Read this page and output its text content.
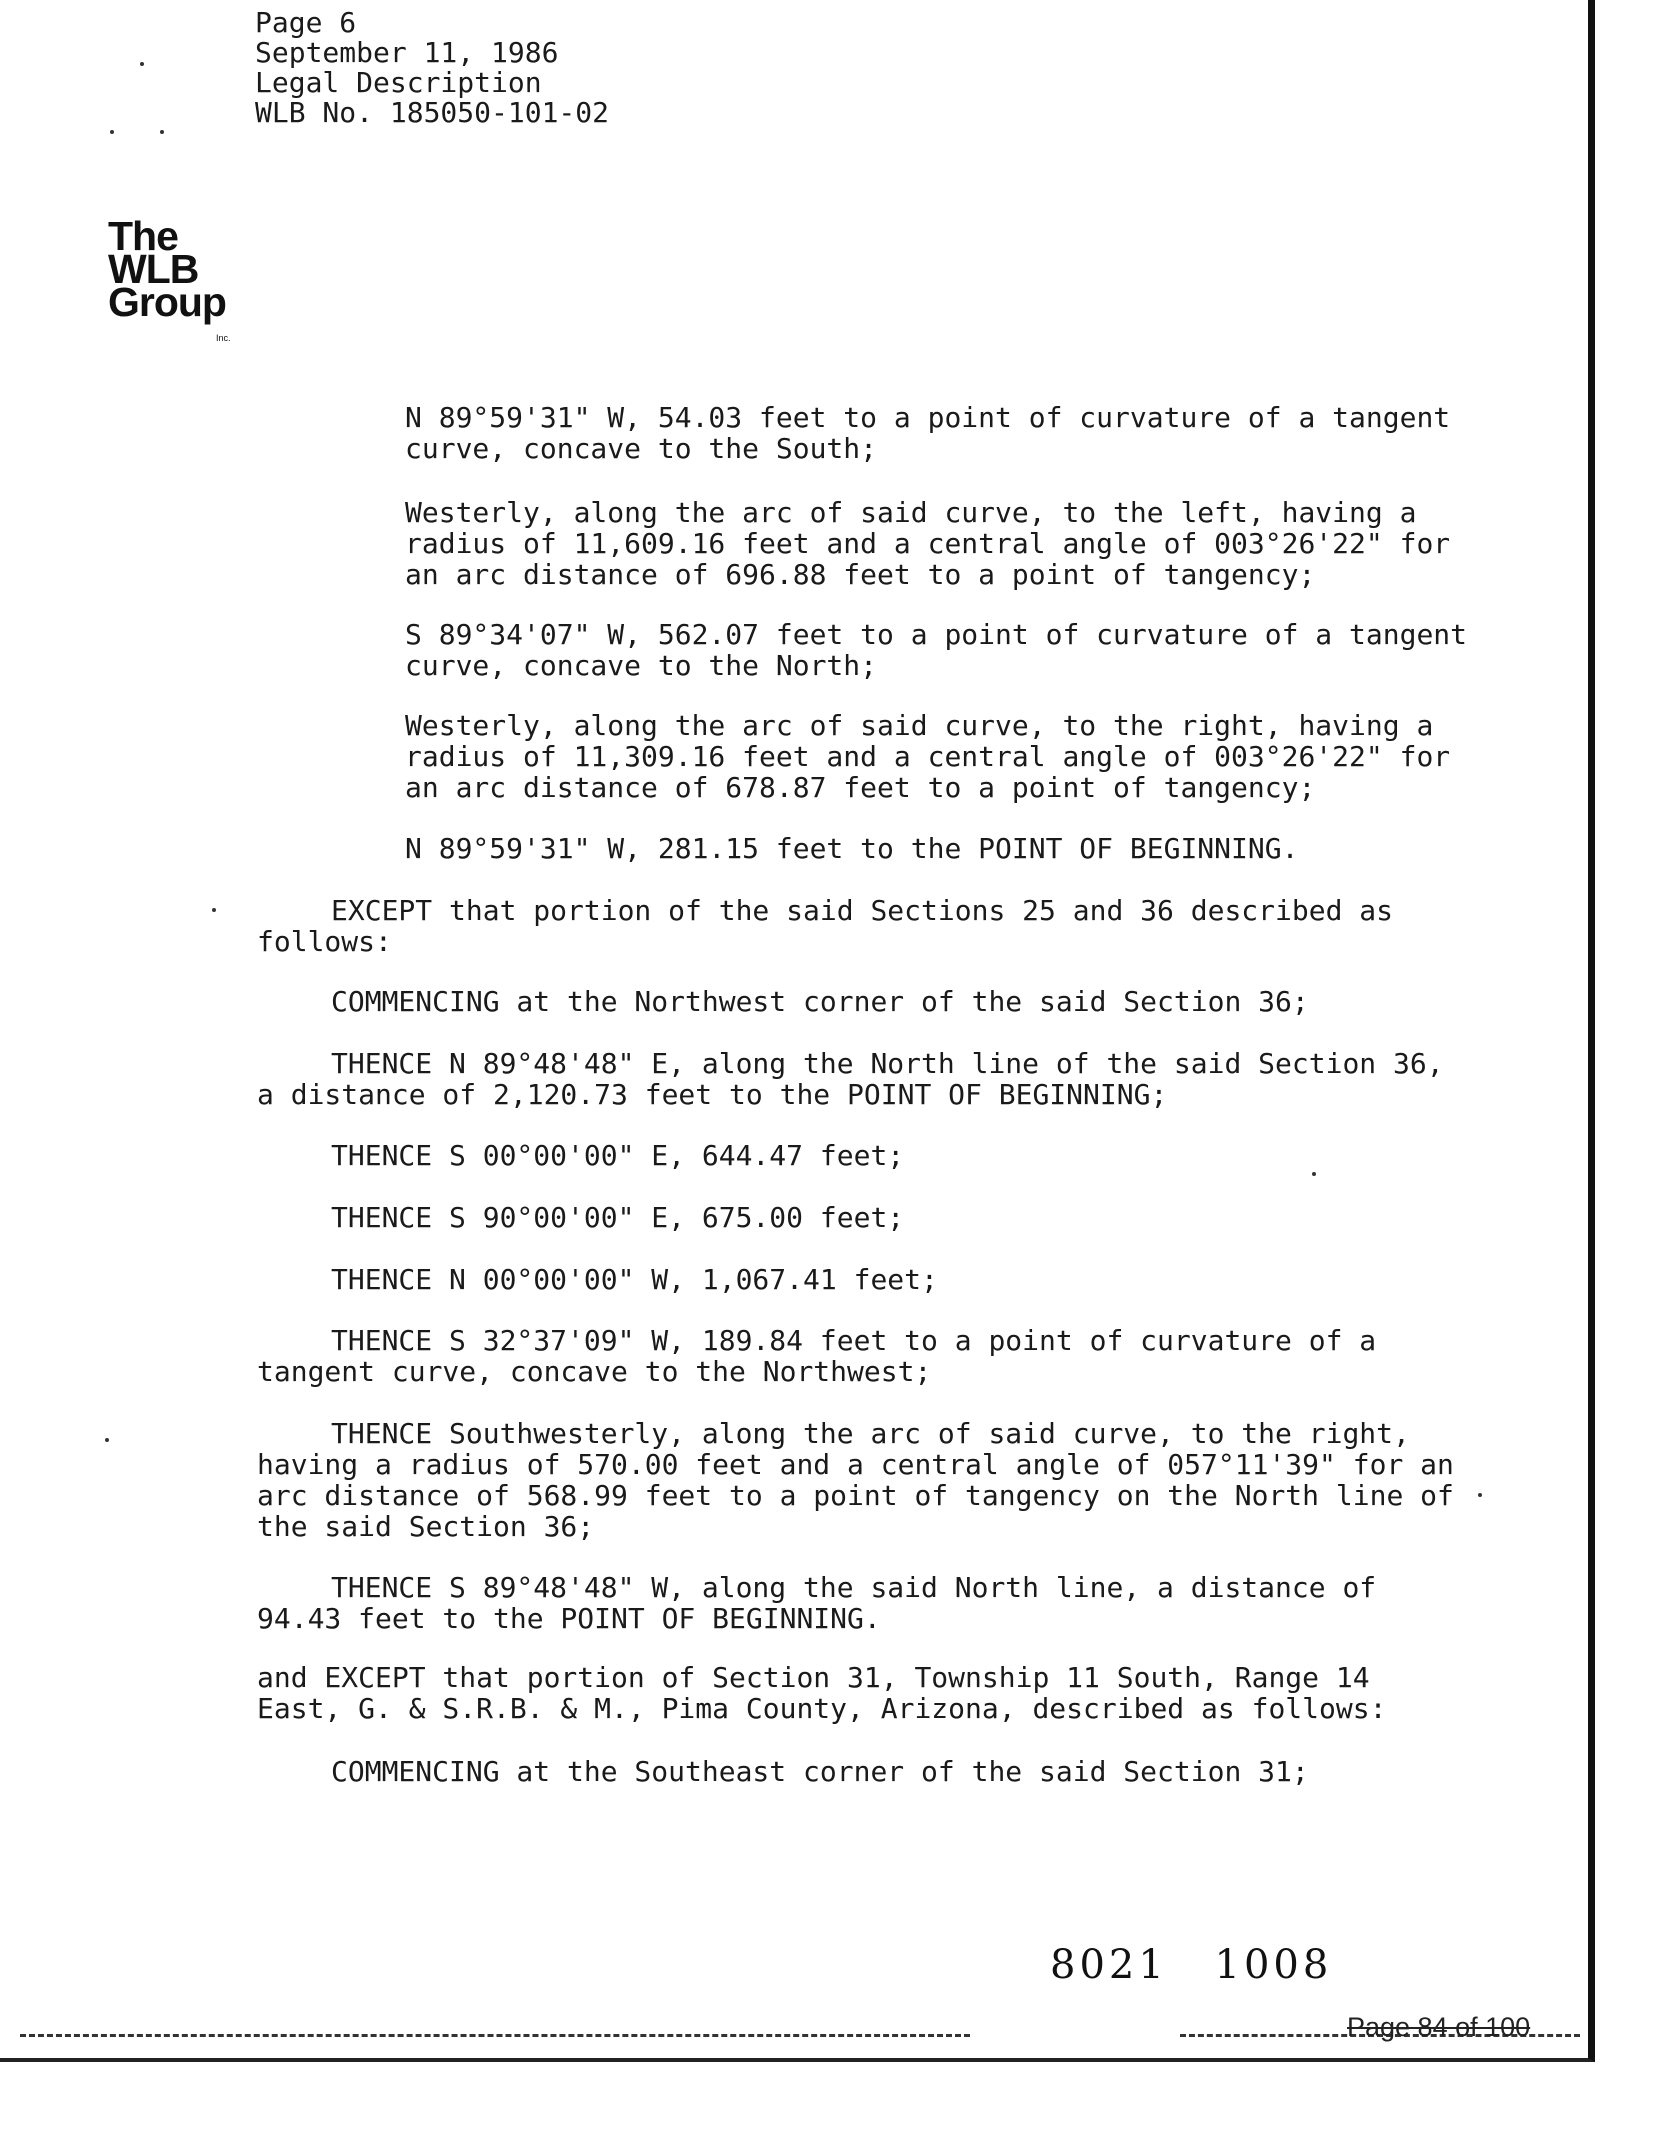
Page 6
September 11, 1986
Legal Description
WLB No. 185050-101-02
The
WLB
Group
Inc.
N 89°59'31" W, 54.03 feet to a point of curvature of a tangent
curve, concave to the South;
Westerly, along the arc of said curve, to the left, having a
radius of 11,609.16 feet and a central angle of 003°26'22" for
an arc distance of 696.88 feet to a point of tangency;
S 89°34'07" W, 562.07 feet to a point of curvature of a tangent
curve, concave to the North;
Westerly, along the arc of said curve, to the right, having a
radius of 11,309.16 feet and a central angle of 003°26'22" for
an arc distance of 678.87 feet to a point of tangency;
N 89°59'31" W, 281.15 feet to the POINT OF BEGINNING.
EXCEPT that portion of the said Sections 25 and 36 described as
follows:
COMMENCING at the Northwest corner of the said Section 36;
THENCE N 89°48'48" E, along the North line of the said Section 36,
a distance of 2,120.73 feet to the POINT OF BEGINNING;
THENCE S 00°00'00" E, 644.47 feet;
THENCE S 90°00'00" E, 675.00 feet;
THENCE N 00°00'00" W, 1,067.41 feet;
THENCE S 32°37'09" W, 189.84 feet to a point of curvature of a
tangent curve, concave to the Northwest;
THENCE Southwesterly, along the arc of said curve, to the right,
having a radius of 570.00 feet and a central angle of 057°11'39" for an
arc distance of 568.99 feet to a point of tangency on the North line of
the said Section 36;
THENCE S 89°48'48" W, along the said North line, a distance of
94.43 feet to the POINT OF BEGINNING.
and EXCEPT that portion of Section 31, Township 11 South, Range 14
East, G. & S.R.B. & M., Pima County, Arizona, described as follows:
COMMENCING at the Southeast corner of the said Section 31;
8021 1008
Page 84 of 100
